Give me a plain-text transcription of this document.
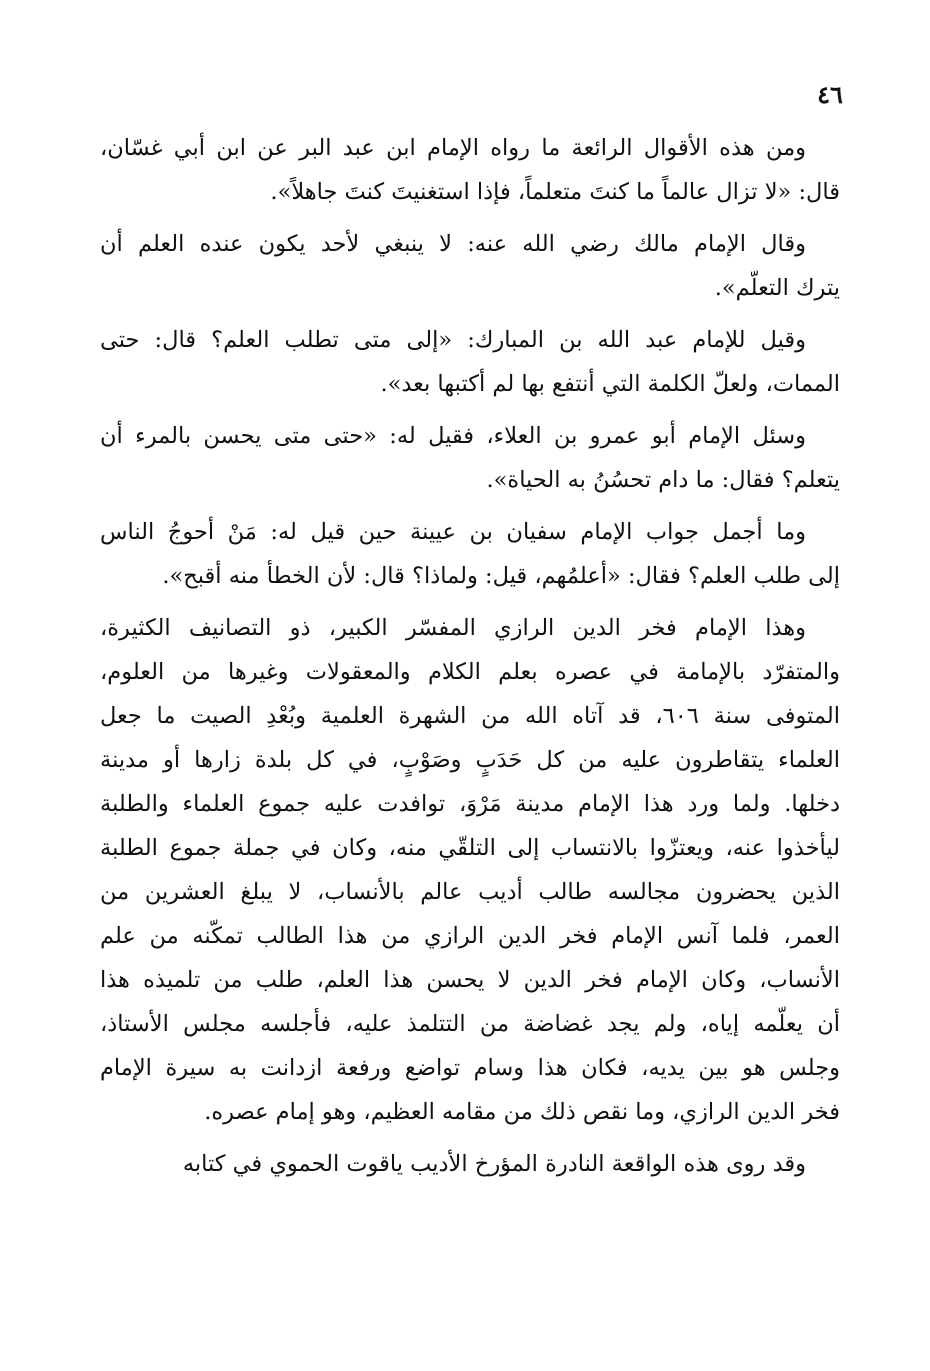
٤٦
ومن هذه الأقوال الرائعة ما رواه الإمام ابن عبد البر عن ابن أبي غسّان،
قال: «لا تزال عالماً ما كنتَ متعلماً، فإذا استغنيتَ كنتَ جاهلاً».
وقال الإمام مالك رضي الله عنه: لا ينبغي لأحد يكون عنده العلم أن
يترك التعلّم».
وقيل للإمام عبد الله بن المبارك: «إلى متى تطلب العلم؟ قال: حتى
الممات، ولعلّ الكلمة التي أنتفع بها لم أكتبها بعد».
وسئل الإمام أبو عمرو بن العلاء، فقيل له: «حتى متى يحسن بالمرء أن
يتعلم؟ فقال: ما دام تحسُنُ به الحياة».
وما أجمل جواب الإمام سفيان بن عيينة حين قيل له: مَنْ أحوجُ الناس
إلى طلب العلم؟ فقال: «أعلمُهم، قيل: ولماذا؟ قال: لأن الخطأ منه أقبح».
وهذا الإمام فخر الدين الرازي المفسّر الكبير، ذو التصانيف الكثيرة،
والمتفرّد بالإمامة في عصره بعلم الكلام والمعقولات وغيرها من العلوم،
المتوفى سنة ٦٠٦، قد آتاه الله من الشهرة العلمية وبُعْدِ الصيت ما جعل
العلماء يتقاطرون عليه من كل حَدَبٍ وصَوْبٍ، في كل بلدة زارها أو مدينة
دخلها. ولما ورد هذا الإمام مدينة مَرْوَ، توافدت عليه جموع العلماء والطلبة
ليأخذوا عنه، ويعتزّوا بالانتساب إلى التلقّي منه، وكان في جملة جموع الطلبة
الذين يحضرون مجالسه طالب أديب عالم بالأنساب، لا يبلغ العشرين من
العمر، فلما آنس الإمام فخر الدين الرازي من هذا الطالب تمكّنه من علم
الأنساب، وكان الإمام فخر الدين لا يحسن هذا العلم، طلب من تلميذه هذا
أن يعلّمه إياه، ولم يجد غضاضة من التتلمذ عليه، فأجلسه مجلس الأستاذ،
وجلس هو بين يديه، فكان هذا وسام تواضع ورفعة ازدانت به سيرة الإمام
فخر الدين الرازي، وما نقص ذلك من مقامه العظيم، وهو إمام عصره.
وقد روى هذه الواقعة النادرة المؤرخ الأديب ياقوت الحموي في كتابه
